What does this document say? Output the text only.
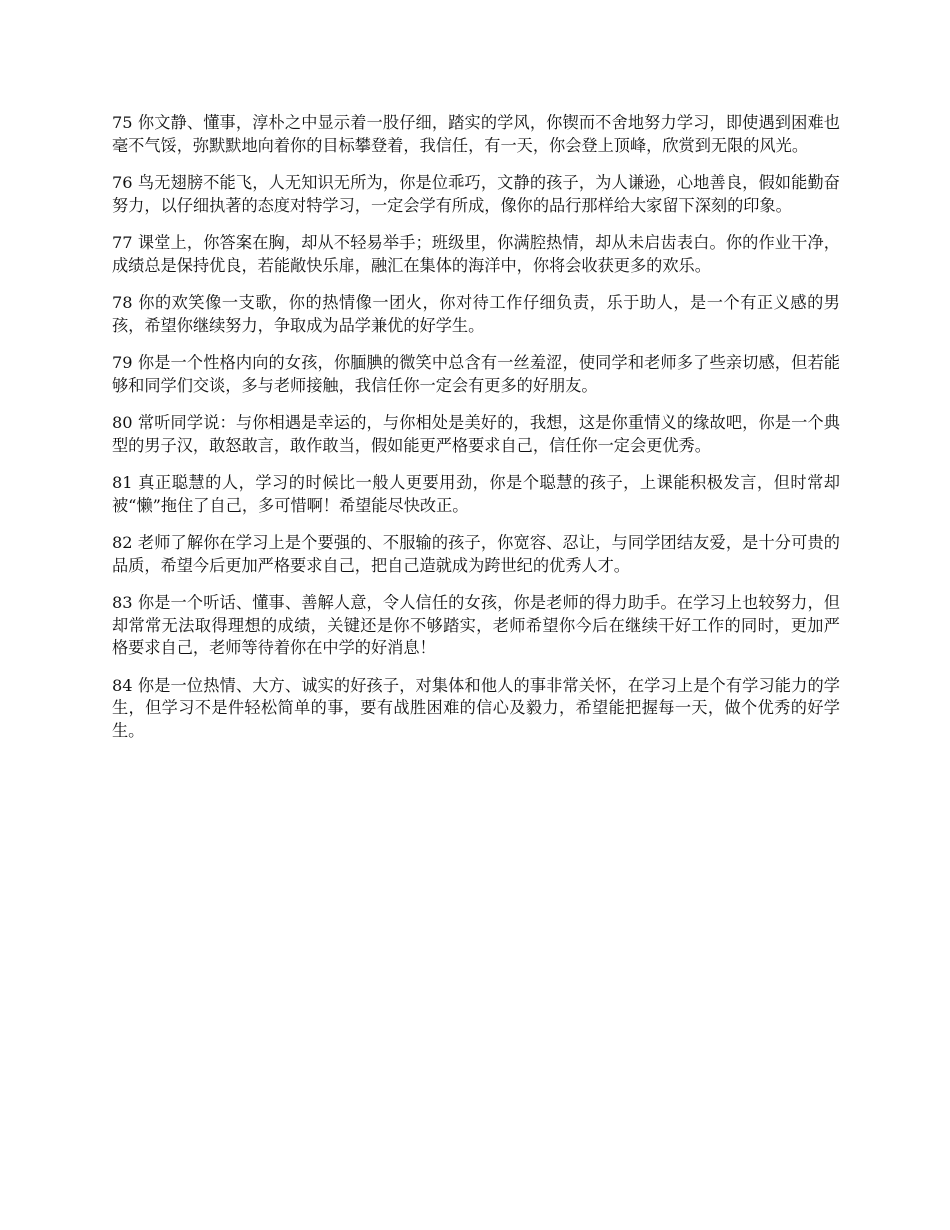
75 你文静、懂事，淳朴之中显示着一股仔细，踏实的学风，你锲而不舍地努力学习，即使遇到困难也毫不气馁，弥默默地向着你的目标攀登着，我信任，有一天，你会登上顶峰，欣赏到无限的风光。

76 鸟无翅膀不能飞，人无知识无所为，你是位乖巧，文静的孩子，为人谦逊，心地善良，假如能勤奋努力，以仔细执著的态度对特学习，一定会学有所成，像你的品行那样给大家留下深刻的印象。

77 课堂上，你答案在胸，却从不轻易举手；班级里，你满腔热情，却从未启齿表白。你的作业干净，成绩总是保持优良，若能敞快乐扉，融汇在集体的海洋中，你将会收获更多的欢乐。

78 你的欢笑像一支歌，你的热情像一团火，你对待工作仔细负责，乐于助人，是一个有正义感的男孩，希望你继续努力，争取成为品学兼优的好学生。

79 你是一个性格内向的女孩，你腼腆的微笑中总含有一丝羞涩，使同学和老师多了些亲切感，但若能够和同学们交谈，多与老师接触，我信任你一定会有更多的好朋友。

80 常听同学说：与你相遇是幸运的，与你相处是美好的，我想，这是你重情义的缘故吧，你是一个典型的男子汉，敢怒敢言，敢作敢当，假如能更严格要求自己，信任你一定会更优秀。

81 真正聪慧的人，学习的时候比一般人更要用劲，你是个聪慧的孩子，上课能积极发言，但时常却被“懒”拖住了自己，多可惜啊！希望能尽快改正。

82 老师了解你在学习上是个要强的、不服输的孩子，你宽容、忍让，与同学团结友爱，是十分可贵的品质，希望今后更加严格要求自己，把自己造就成为跨世纪的优秀人才。

83 你是一个听话、懂事、善解人意，令人信任的女孩，你是老师的得力助手。在学习上也较努力，但却常常无法取得理想的成绩，关键还是你不够踏实，老师希望你今后在继续干好工作的同时，更加严格要求自己，老师等待着你在中学的好消息！

84 你是一位热情、大方、诚实的好孩子，对集体和他人的事非常关怀，在学习上是个有学习能力的学生，但学习不是件轻松简单的事，要有战胜困难的信心及毅力，希望能把握每一天，做个优秀的好学生。
